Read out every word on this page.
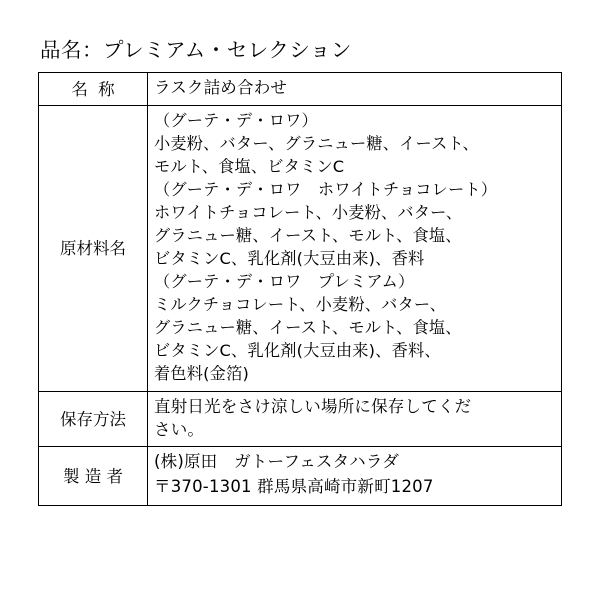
品名：プレミアム・セレクション
名称	ラスク詰め合わせ

原材料名	
（グーテ・デ・ロワ）
小麦粉、バター、グラニュー糖、イースト、
モルト、食塩、ビタミンC
（グーテ・デ・ロワ　ホワイトチョコレート）
ホワイトチョコレート、小麦粉、バター、
グラニュー糖、イースト、モルト、食塩、
ビタミンC、乳化剤(大豆由来)、香料
（グーテ・デ・ロワ　プレミアム）
ミルクチョコレート、小麦粉、バター、
グラニュー糖、イースト、モルト、食塩、
ビタミンC、乳化剤(大豆由来)、香料、
着色料(金箔)

保存方法	直射日光をさけ涼しい場所に保存してくだ
さい。

製造者	(株)原田　ガトーフェスタハラダ
〒370-1301 群馬県高崎市新町1207
